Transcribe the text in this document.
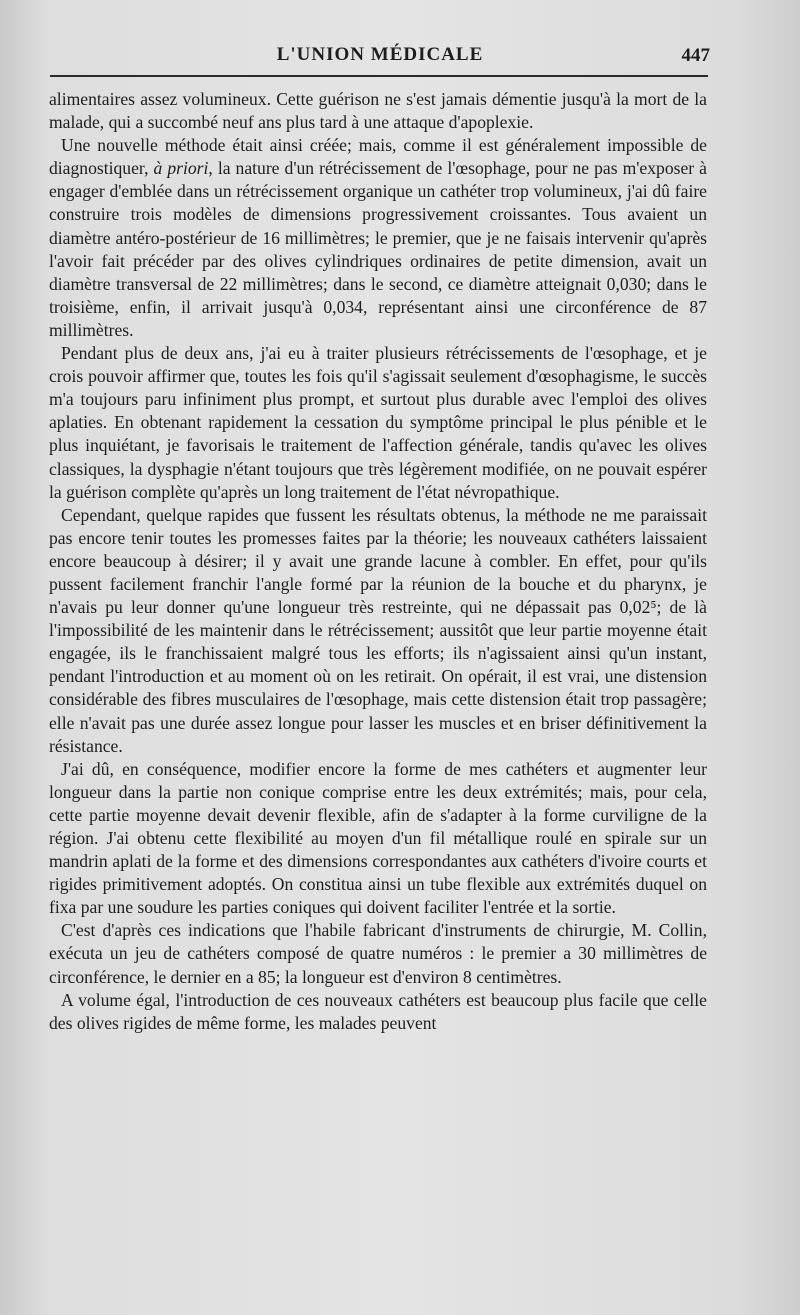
L'UNION MÉDICALE	447

alimentaires assez volumineux. Cette guérison ne s'est jamais démentie jusqu'à la mort de la malade, qui a succombé neuf ans plus tard à une attaque d'apoplexie.

Une nouvelle méthode était ainsi créée; mais, comme il est généralement impossible de diagnostiquer, à priori, la nature d'un rétrécissement de l'œsophage, pour ne pas m'exposer à engager d'emblée dans un rétrécissement organique un cathéter trop volumineux, j'ai dû faire construire trois modèles de dimensions progressivement croissantes. Tous avaient un diamètre antéro-postérieur de 16 millimètres; le premier, que je ne faisais intervenir qu'après l'avoir fait précéder par des olives cylindriques ordinaires de petite dimension, avait un diamètre transversal de 22 millimètres; dans le second, ce diamètre atteignait 0,030; dans le troisième, enfin, il arrivait jusqu'à 0,034, représentant ainsi une circonférence de 87 millimètres.

Pendant plus de deux ans, j'ai eu à traiter plusieurs rétrécissements de l'œsophage, et je crois pouvoir affirmer que, toutes les fois qu'il s'agissait seulement d'œsophagisme, le succès m'a toujours paru infiniment plus prompt, et surtout plus durable avec l'emploi des olives aplaties. En obtenant rapidement la cessation du symptôme principal le plus pénible et le plus inquiétant, je favorisais le traitement de l'affection générale, tandis qu'avec les olives classiques, la dysphagie n'étant toujours que très légèrement modifiée, on ne pouvait espérer la guérison complète qu'après un long traitement de l'état névropathique.

Cependant, quelque rapides que fussent les résultats obtenus, la méthode ne me paraissait pas encore tenir toutes les promesses faites par la théorie; les nouveaux cathéters laissaient encore beaucoup à désirer; il y avait une grande lacune à combler. En effet, pour qu'ils pussent facilement franchir l'angle formé par la réunion de la bouche et du pharynx, je n'avais pu leur donner qu'une longueur très restreinte, qui ne dépassait pas 0,02⁵; de là l'impossibilité de les maintenir dans le rétrécissement; aussitôt que leur partie moyenne était engagée, ils le franchissaient malgré tous les efforts; ils n'agissaient ainsi qu'un instant, pendant l'introduction et au moment où on les retirait. On opérait, il est vrai, une distension considérable des fibres musculaires de l'œsophage, mais cette distension était trop passagère; elle n'avait pas une durée assez longue pour lasser les muscles et en briser définitivement la résistance.

J'ai dû, en conséquence, modifier encore la forme de mes cathéters et augmenter leur longueur dans la partie non conique comprise entre les deux extrémités; mais, pour cela, cette partie moyenne devait devenir flexible, afin de s'adapter à la forme curviligne de la région. J'ai obtenu cette flexibilité au moyen d'un fil métallique roulé en spirale sur un mandrin aplati de la forme et des dimensions correspondantes aux cathéters d'ivoire courts et rigides primitivement adoptés. On constitua ainsi un tube flexible aux extrémités duquel on fixa par une soudure les parties coniques qui doivent faciliter l'entrée et la sortie.

C'est d'après ces indications que l'habile fabricant d'instruments de chirurgie, M. Collin, exécuta un jeu de cathéters composé de quatre numéros : le premier a 30 millimètres de circonférence, le dernier en a 85; la longueur est d'environ 8 centimètres.

A volume égal, l'introduction de ces nouveaux cathéters est beaucoup plus facile que celle des olives rigides de même forme, les malades peuvent
